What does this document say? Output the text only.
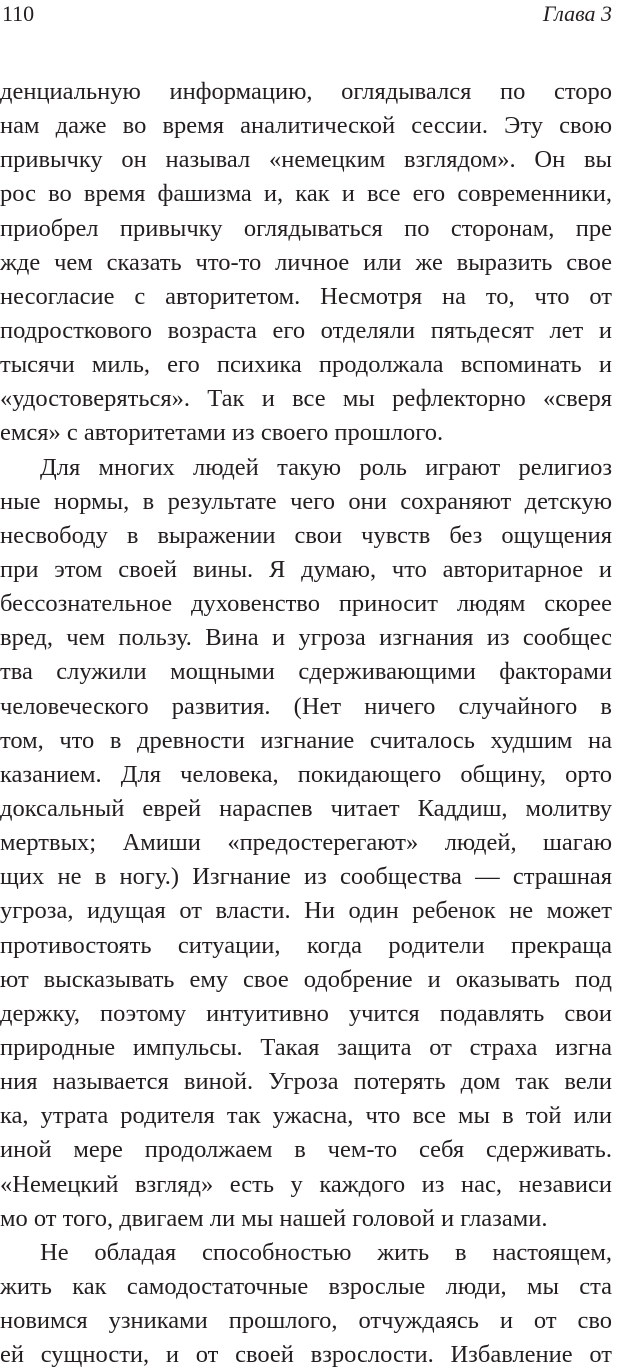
110	Глава 3
денциальную информацию, оглядывался по сторо
нам даже во время аналитической сессии. Эту свою
привычку он называл «немецким взглядом». Он вы
рос во время фашизма и, как и все его современники,
приобрел привычку оглядываться по сторонам, пре
жде чем сказать что-то личное или же выразить свое
несогласие с авторитетом. Несмотря на то, что от
подросткового возраста его отделяли пятьдесят лет и
тысячи миль, его психика продолжала вспоминать и
«удостоверяться». Так и все мы рефлекторно «сверя
емся» с авторитетами из своего прошлого.
Для многих людей такую роль играют религиоз
ные нормы, в результате чего они сохраняют детскую
несвободу в выражении свои чувств без ощущения
при этом своей вины. Я думаю, что авторитарное и
бессознательное духовенство приносит людям скорее
вред, чем пользу. Вина и угроза изгнания из сообщес
тва служили мощными сдерживающими факторами
человеческого развития. (Нет ничего случайного в
том, что в древности изгнание считалось худшим на
казанием. Для человека, покидающего общину, орто
доксальный еврей нараспев читает Каддиш, молитву
мертвых; Амиши «предостерегают» людей, шагаю
щих не в ногу.) Изгнание из сообщества — страшная
угроза, идущая от власти. Ни один ребенок не может
противостоять ситуации, когда родители прекраща
ют высказывать ему свое одобрение и оказывать под
держку, поэтому интуитивно учится подавлять свои
природные импульсы. Такая защита от страха изгна
ния называется виной. Угроза потерять дом так вели
ка, утрата родителя так ужасна, что все мы в той или
иной мере продолжаем в чем-то себя сдерживать.
«Немецкий взгляд» есть у каждого из нас, независи
мо от того, двигаем ли мы нашей головой и глазами.
Не обладая способностью жить в настоящем,
жить как самодостаточные взрослые люди, мы ста
новимся узниками прошлого, отчуждаясь и от сво
ей сущности, и от своей взрослости. Избавление от
